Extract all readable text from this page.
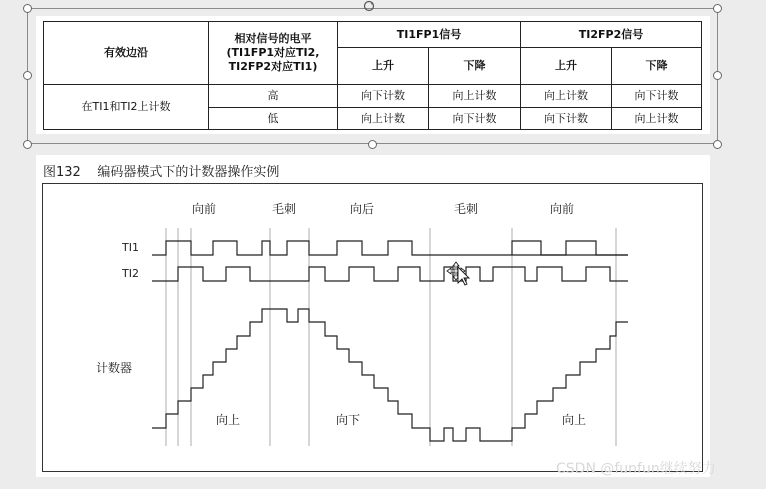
有效边沿	相对信号的电平
(TI1FP1对应TI2,
TI2FP2对应TI1)	TI1FP1信号		TI2FP2信号	
		上升	下降	上升	下降
在TI1和TI2上计数	高	向下计数	向上计数	向上计数	向下计数
	低	向上计数	向下计数	向下计数	向上计数
图132    编码器模式下的计数器操作实例
向前	毛刺	向后	毛刺	向前
TI1
TI2
计数器
向上	向下	向上
CSDN @funfun继续努力
